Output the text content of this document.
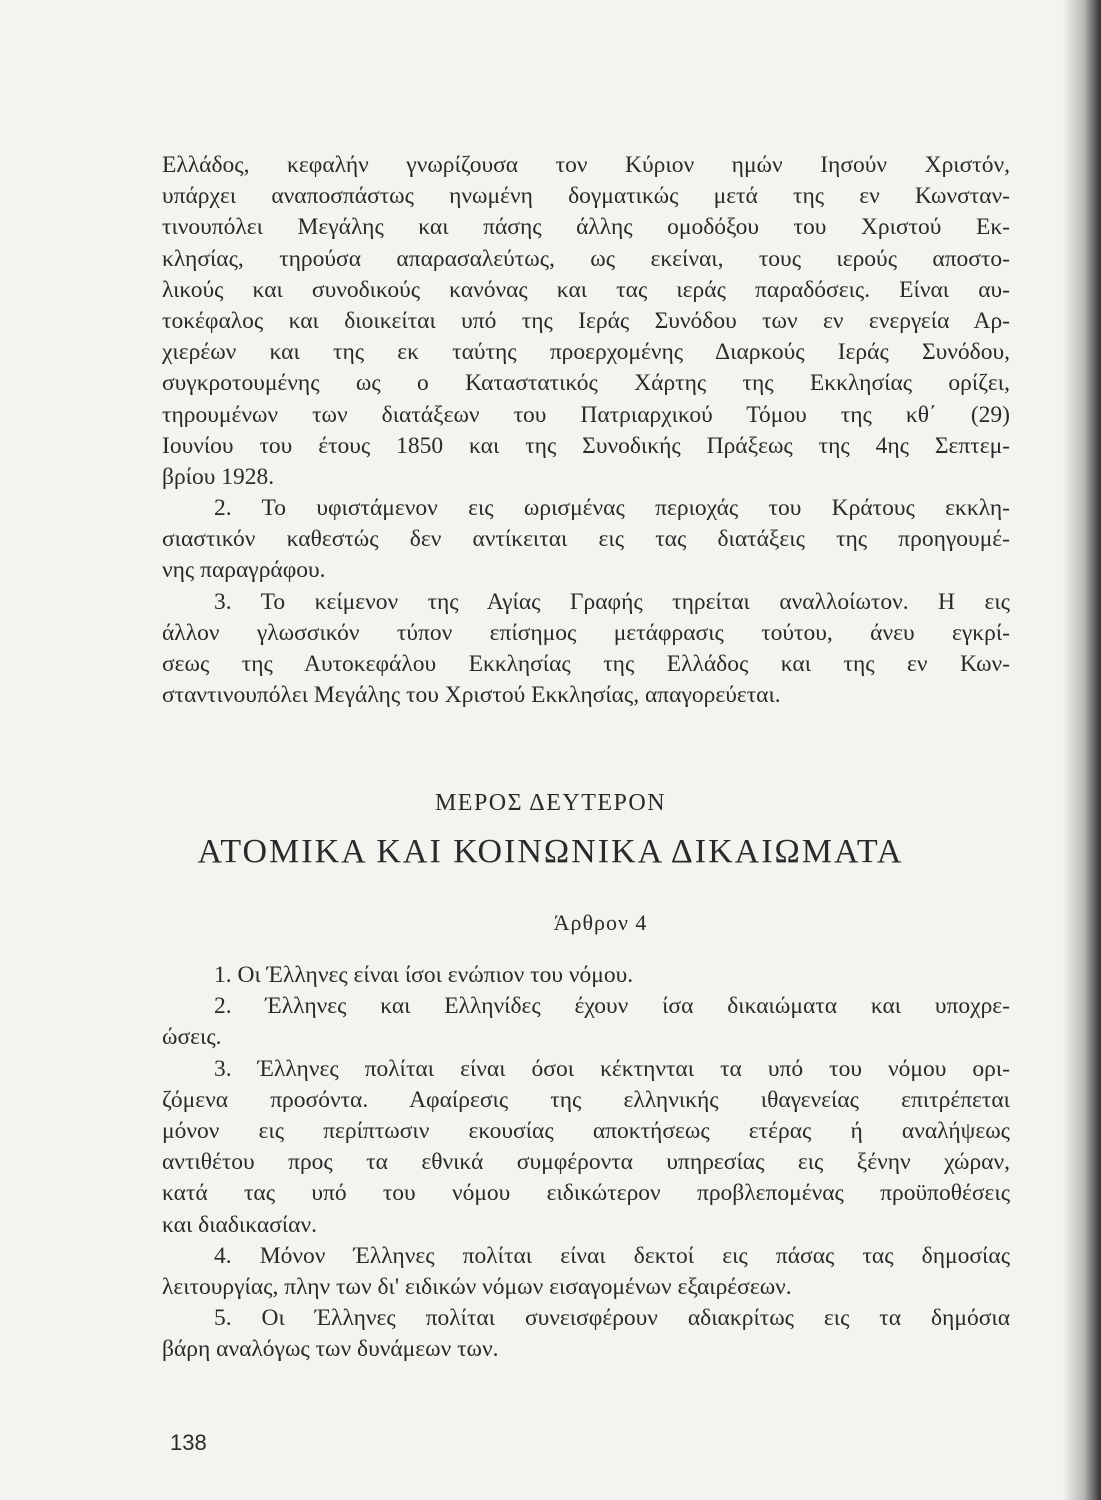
Ελλάδος, κεφαλήν γνωρίζουσα τον Κύριον ημών Ιησούν Χριστόν,
υπάρχει αναποσπάστως ηνωμένη δογματικώς μετά της εν Κωνσταν-
τινουπόλει Μεγάλης και πάσης άλλης ομοδόξου του Χριστού Εκ-
κλησίας, τηρούσα απαρασαλεύτως, ως εκείναι, τους ιερούς αποστο-
λικούς και συνοδικούς κανόνας και τας ιεράς παραδόσεις. Είναι αυ-
τοκέφαλος και διοικείται υπό της Ιεράς Συνόδου των εν ενεργεία Αρ-
χιερέων και της εκ ταύτης προερχομένης Διαρκούς Ιεράς Συνόδου,
συγκροτουμένης ως ο Καταστατικός Χάρτης της Εκκλησίας ορίζει,
τηρουμένων των διατάξεων του Πατριαρχικού Τόμου της κθ΄ (29)
Ιουνίου του έτους 1850 και της Συνοδικής Πράξεως της 4ης Σεπτεμ-
βρίου 1928.
2. Το υφιστάμενον εις ωρισμένας περιοχάς του Κράτους εκκλη-
σιαστικόν καθεστώς δεν αντίκειται εις τας διατάξεις της προηγουμέ-
νης παραγράφου.
3. Το κείμενον της Αγίας Γραφής τηρείται αναλλοίωτον. Η εις
άλλον γλωσσικόν τύπον επίσημος μετάφρασις τούτου, άνευ εγκρί-
σεως της Αυτοκεφάλου Εκκλησίας της Ελλάδος και της εν Κων-
σταντινουπόλει Μεγάλης του Χριστού Εκκλησίας, απαγορεύεται.
ΜΕΡΟΣ ΔΕΥΤΕΡΟΝ
ΑΤΟΜΙΚΑ ΚΑΙ ΚΟΙΝΩΝΙΚΑ ΔΙΚΑΙΩΜΑΤΑ
Άρθρον 4
1. Οι Έλληνες είναι ίσοι ενώπιον του νόμου.
2. Έλληνες και Ελληνίδες έχουν ίσα δικαιώματα και υποχρε-
ώσεις.
3. Έλληνες πολίται είναι όσοι κέκτηνται τα υπό του νόμου ορι-
ζόμενα προσόντα. Αφαίρεσις της ελληνικής ιθαγενείας επιτρέπεται
μόνον εις περίπτωσιν εκουσίας αποκτήσεως ετέρας ή αναλήψεως
αντιθέτου προς τα εθνικά συμφέροντα υπηρεσίας εις ξένην χώραν,
κατά τας υπό του νόμου ειδικώτερον προβλεπομένας προϋποθέσεις
και διαδικασίαν.
4. Μόνον Έλληνες πολίται είναι δεκτοί εις πάσας τας δημοσίας
λειτουργίας, πλην των δι' ειδικών νόμων εισαγομένων εξαιρέσεων.
5. Οι Έλληνες πολίται συνεισφέρουν αδιακρίτως εις τα δημόσια
βάρη αναλόγως των δυνάμεων των.
138
